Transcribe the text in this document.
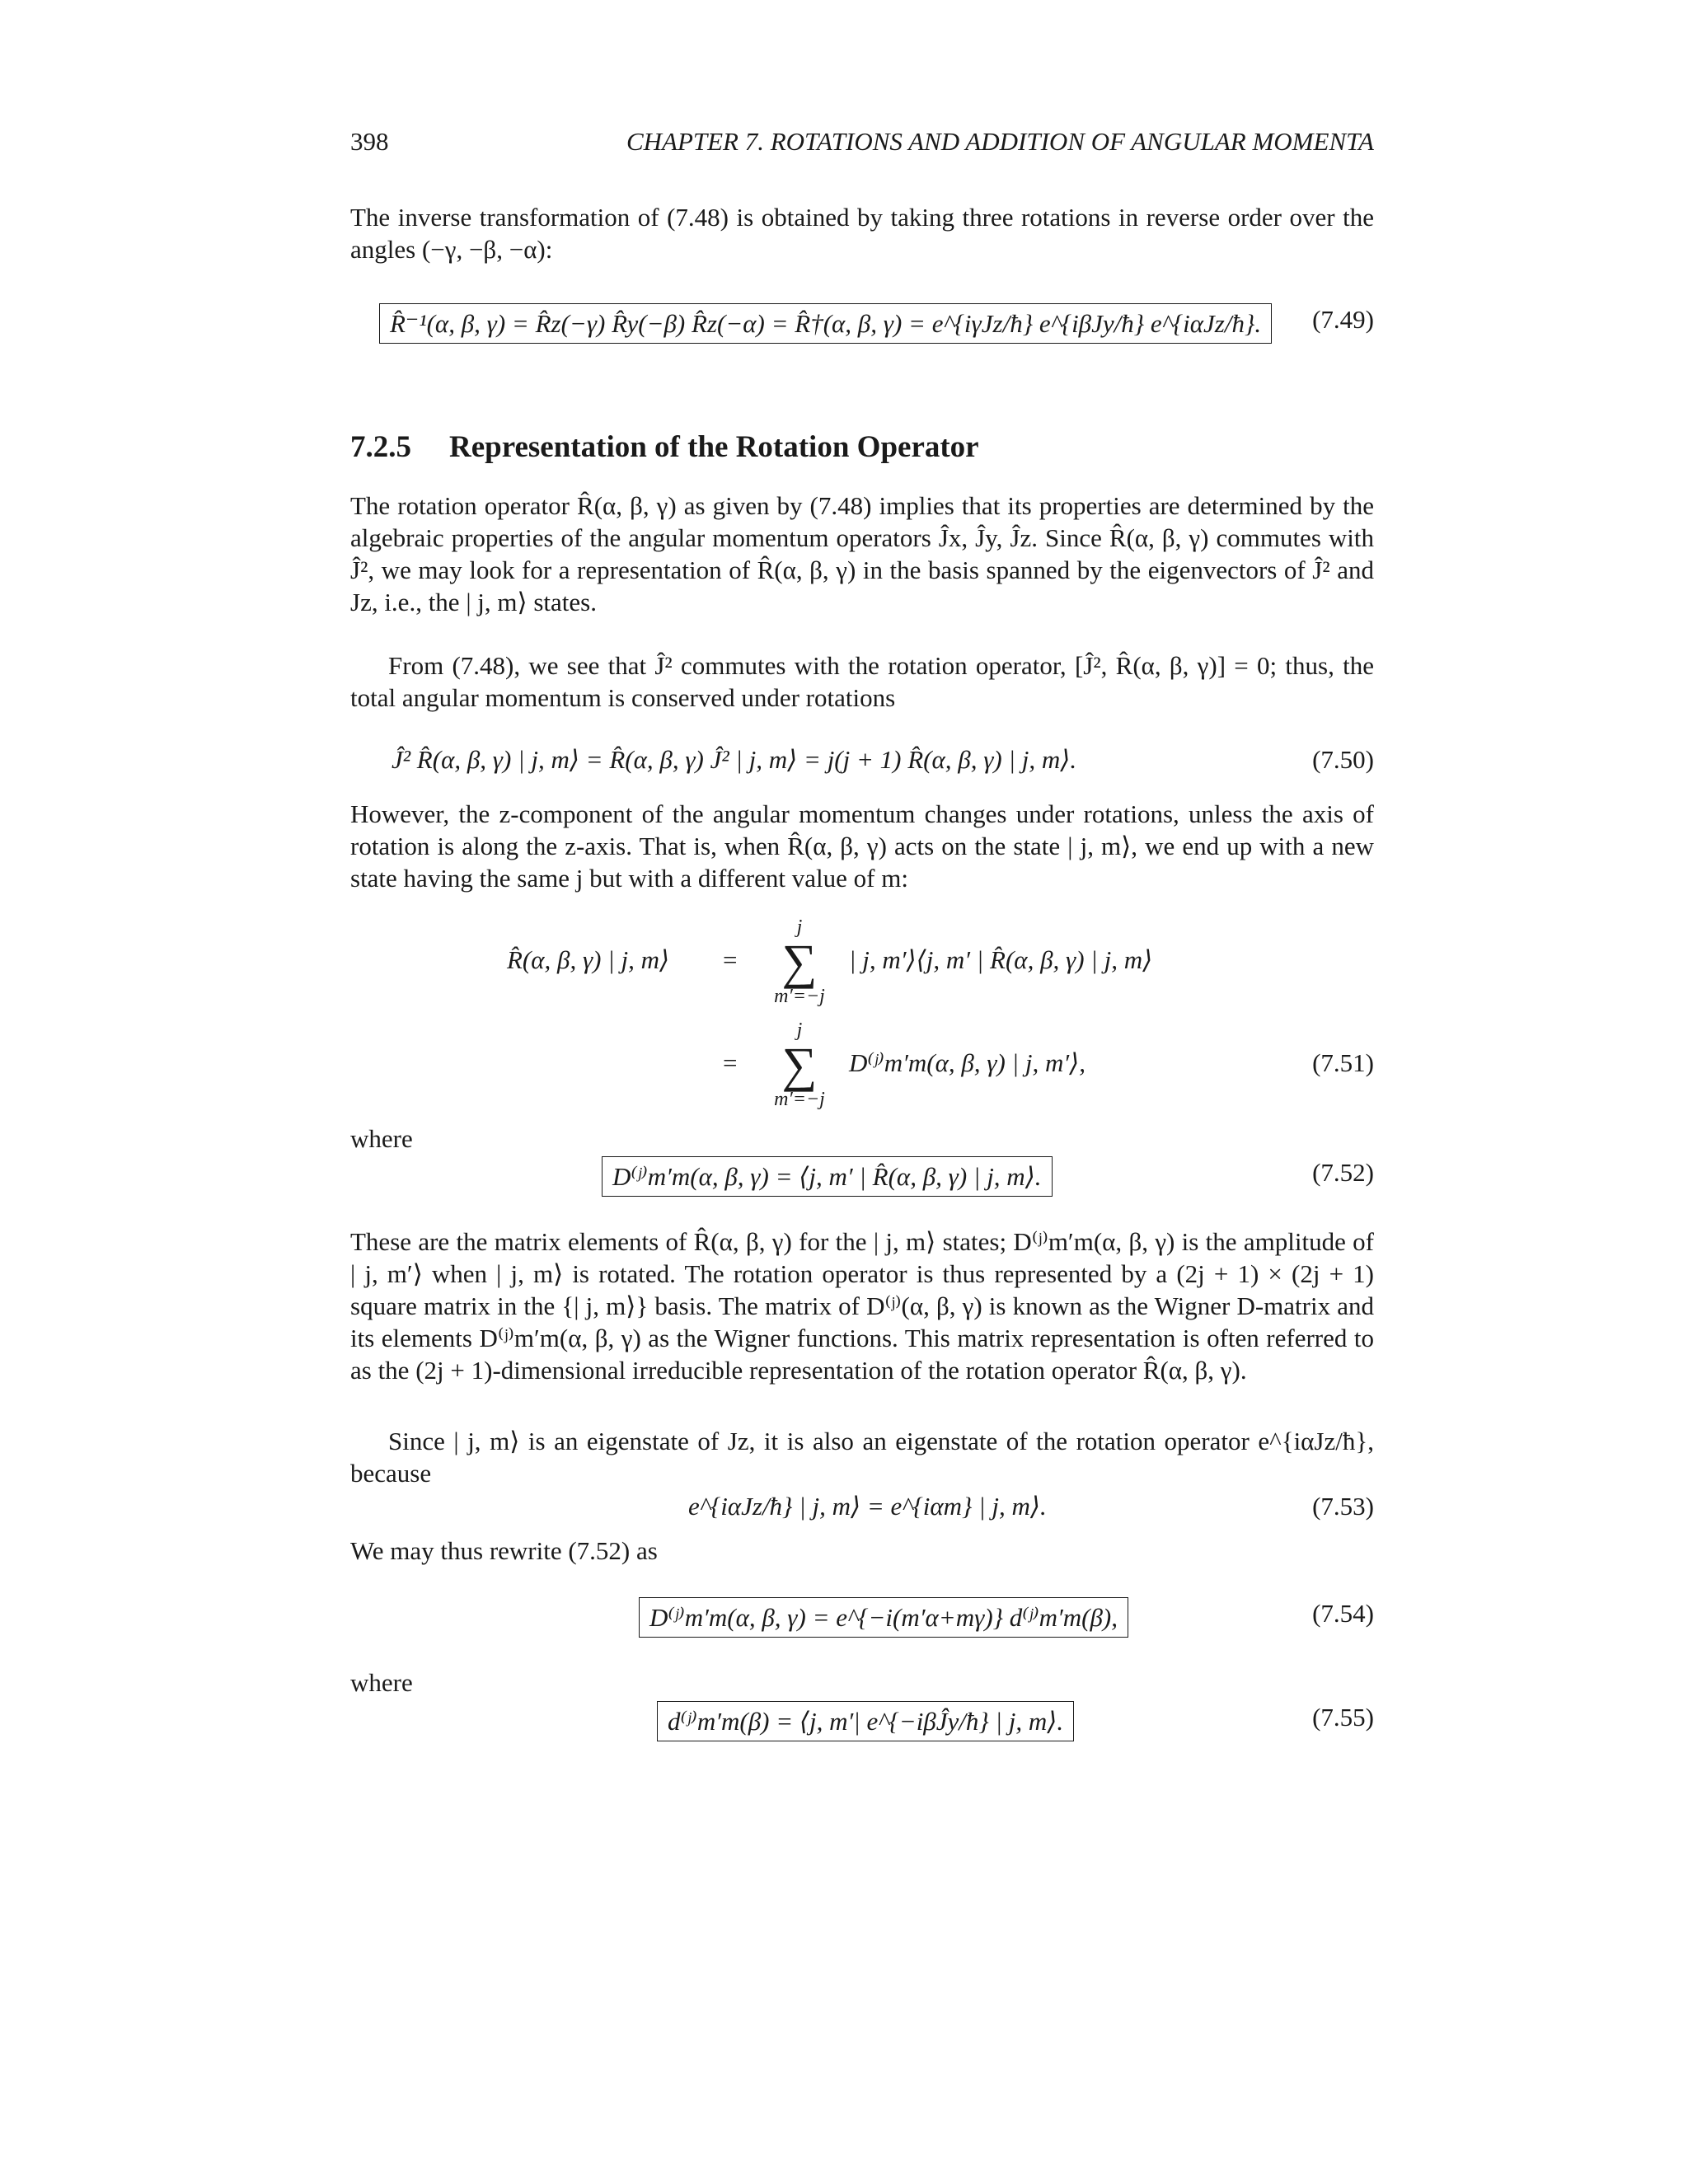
398	CHAPTER 7. ROTATIONS AND ADDITION OF ANGULAR MOMENTA

The inverse transformation of (7.48) is obtained by taking three rotations in reverse order over the angles (−γ, −β, −α):

R̂⁻¹(α, β, γ) = R̂z(−γ) R̂y(−β) R̂z(−α) = R̂†(α, β, γ) = e^{iγJz/ħ} e^{iβJy/ħ} e^{iαJz/ħ}.	(7.49)
7.2.5 Representation of the Rotation Operator

The rotation operator R̂(α, β, γ) as given by (7.48) implies that its properties are determined by the algebraic properties of the angular momentum operators Ĵx, Ĵy, Ĵz. Since R̂(α, β, γ) commutes with Ĵ², we may look for a representation of R̂(α, β, γ) in the basis spanned by the eigenvectors of Ĵ² and Jz, i.e., the | j, m⟩ states.

From (7.48), we see that Ĵ² commutes with the rotation operator, [Ĵ², R̂(α, β, γ)] = 0; thus, the total angular momentum is conserved under rotations

Ĵ² R̂(α, β, γ) | j, m⟩ = R̂(α, β, γ) Ĵ² | j, m⟩ = j(j + 1) R̂(α, β, γ) | j, m⟩.	(7.50)

However, the z-component of the angular momentum changes under rotations, unless the axis of rotation is along the z-axis. That is, when R̂(α, β, γ) acts on the state | j, m⟩, we end up with a new state having the same j but with a different value of m:

R̂(α, β, γ) | j, m⟩ =
j
∑
m′=−j
| j, m′⟩⟨j, m′ | R̂(α, β, γ) | j, m⟩
=
j
∑
m′=−j
D⁽ʲ⁾m′m(α, β, γ) | j, m′⟩,	(7.51)
where
D⁽ʲ⁾m′m(α, β, γ) = ⟨j, m′ | R̂(α, β, γ) | j, m⟩.	(7.52)

These are the matrix elements of R̂(α, β, γ) for the | j, m⟩ states; D⁽ʲ⁾m′m(α, β, γ) is the amplitude of | j, m′⟩ when | j, m⟩ is rotated. The rotation operator is thus represented by a (2j + 1) × (2j + 1) square matrix in the {| j, m⟩} basis. The matrix of D⁽ʲ⁾(α, β, γ) is known as the Wigner D-matrix and its elements D⁽ʲ⁾m′m(α, β, γ) as the Wigner functions. This matrix representation is often referred to as the (2j + 1)-dimensional irreducible representation of the rotation operator R̂(α, β, γ).

Since | j, m⟩ is an eigenstate of Jz, it is also an eigenstate of the rotation operator e^{iαJz/ħ}, because

e^{iαJz/ħ} | j, m⟩ = e^{iαm} | j, m⟩.	(7.53)

We may thus rewrite (7.52) as

D⁽ʲ⁾m′m(α, β, γ) = e^{−i(m′α+mγ)} d⁽ʲ⁾m′m(β),	(7.54)
where
d⁽ʲ⁾m′m(β) = ⟨j, m′| e^{−iβĴy/ħ} | j, m⟩.	(7.55)
